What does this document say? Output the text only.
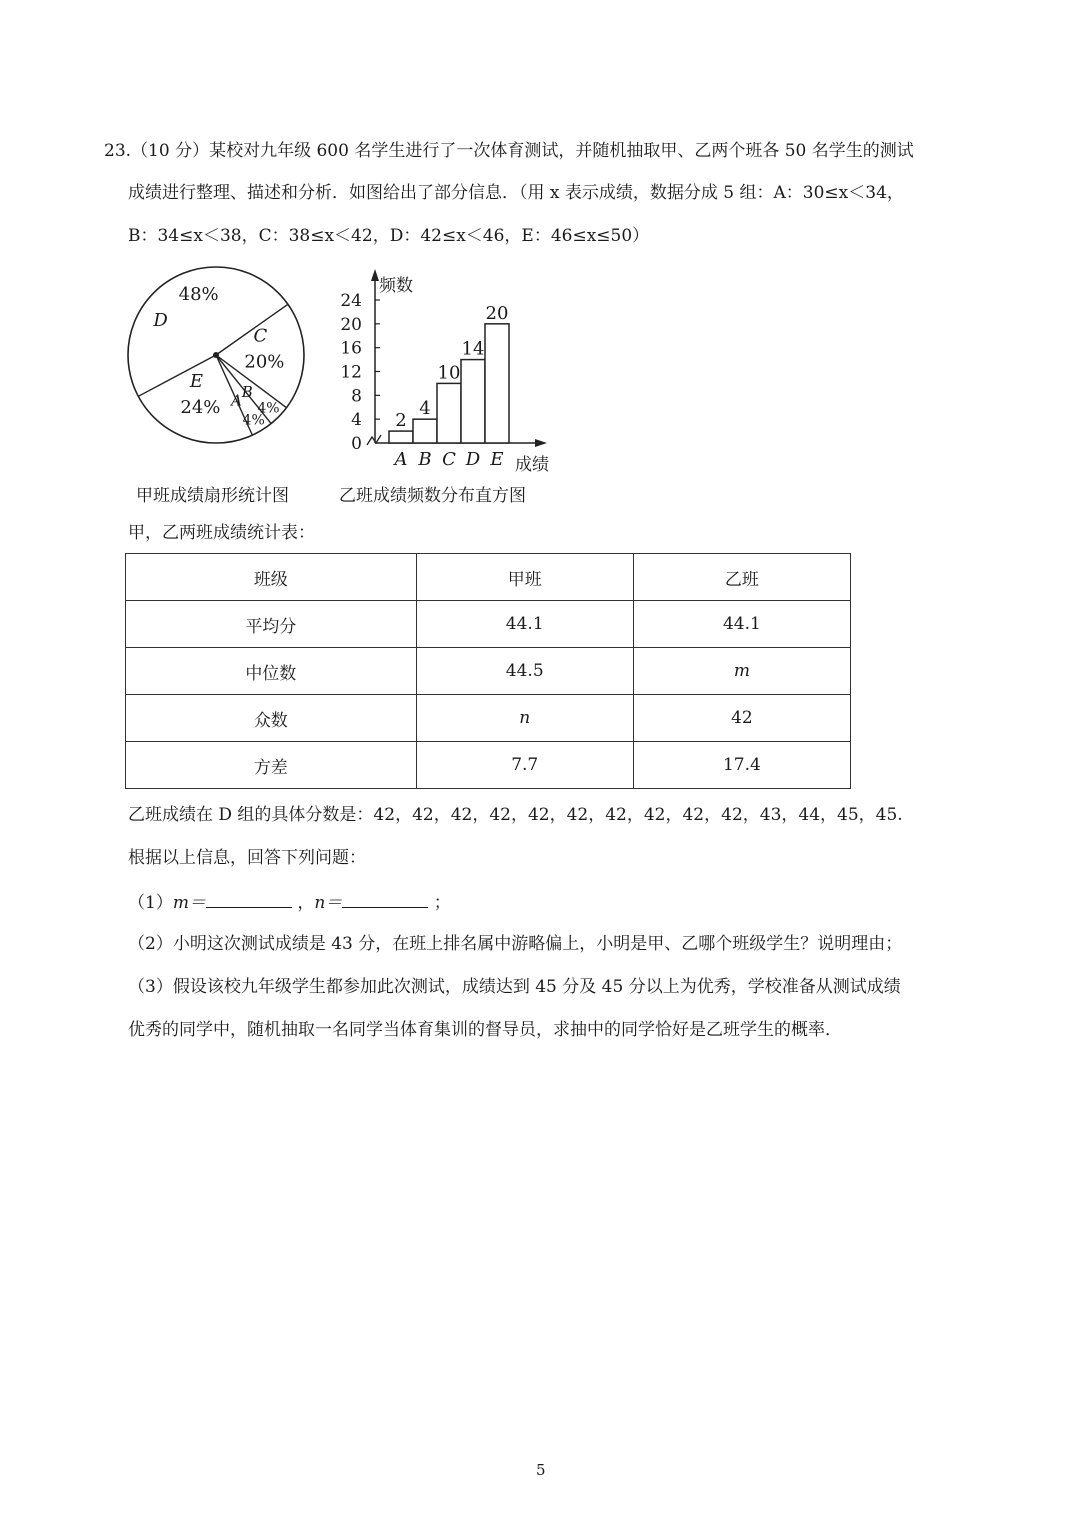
23.（10 分）某校对九年级 600 名学生进行了一次体育测试，并随机抽取甲、乙两个班各 50 名学生的测试
成绩进行整理、描述和分析．如图给出了部分信息．（用 x 表示成绩，数据分成 5 组：A：30≤x＜34，
B：34≤x＜38，C：38≤x＜42，D：42≤x＜46，E：46≤x≤50）
D
48%
C
20%
B
4%
A
4%
E
24%
甲班成绩扇形统计图
0
4
8
12
16
20
24
2
A
4
B
10
C
14
D
20
E
频数
成绩
乙班成绩频数分布直方图
甲，乙两班成绩统计表：
班级	甲班	乙班
平均分	44.1	44.1
中位数	44.5	m
众数	n	42
方差	7.7	17.4
乙班成绩在 D 组的具体分数是：42，42，42，42，42，42，42，42，42，42，43，44，45，45.
根据以上信息，回答下列问题：
（1）m＝	，n＝	；
（2）小明这次测试成绩是 43 分，在班上排名属中游略偏上，小明是甲、乙哪个班级学生？说明理由；
（3）假设该校九年级学生都参加此次测试，成绩达到 45 分及 45 分以上为优秀，学校准备从测试成绩
优秀的同学中，随机抽取一名同学当体育集训的督导员，求抽中的同学恰好是乙班学生的概率．
5
